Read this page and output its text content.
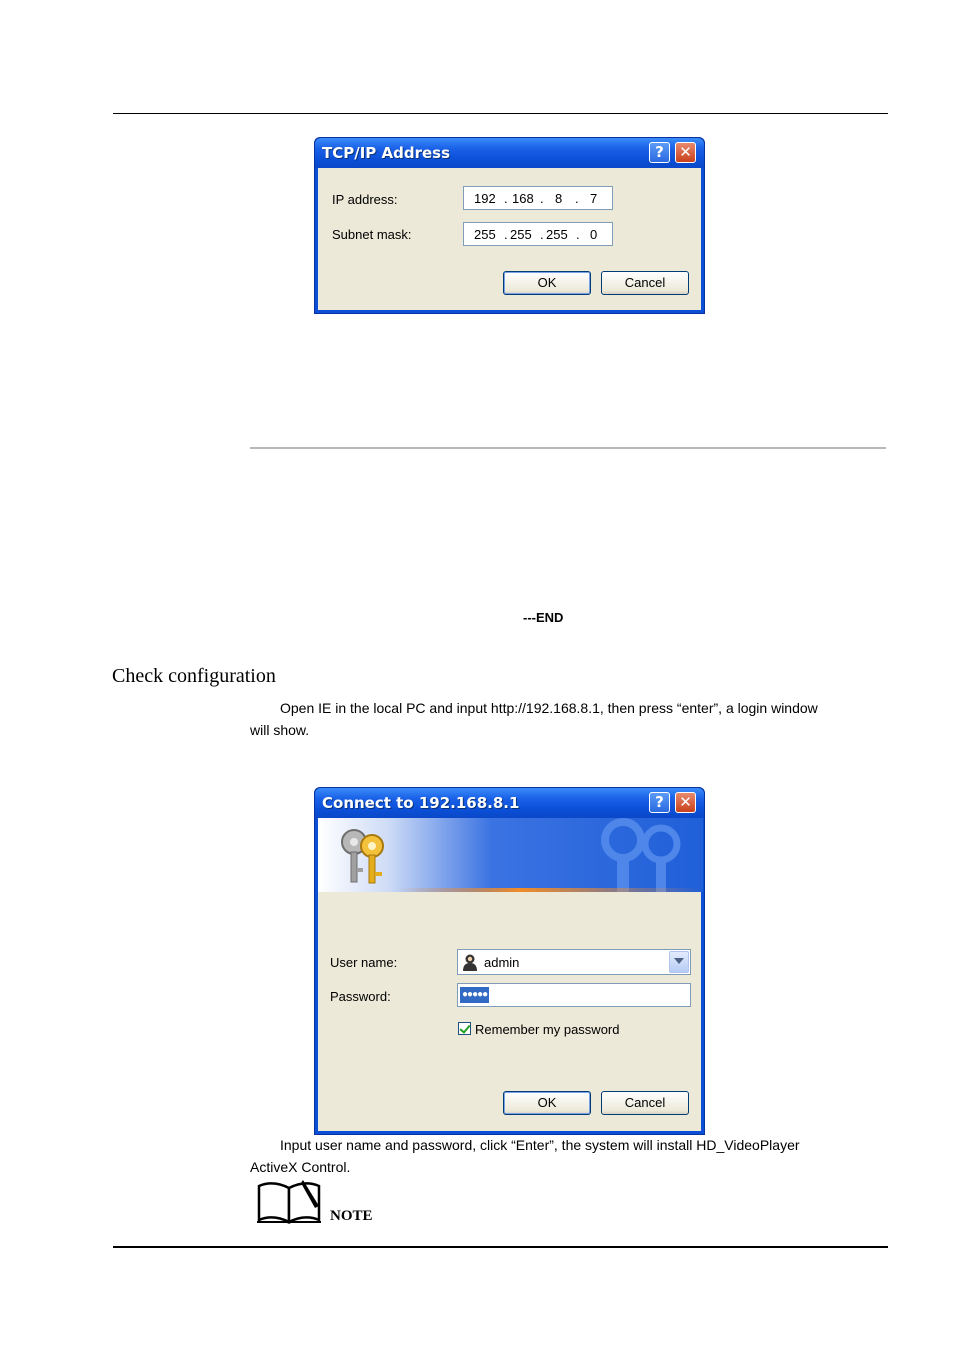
TCP/IP Address	?	✕
IP address:	192 . 168 . 8 . 7
Subnet mask:	255 . 255 . 255 . 0
OK	Cancel
---END
Check configuration
Open IE in the local PC and input http://192.168.8.1, then press “enter”, a login window
will show.
Connect to 192.168.8.1	?	✕
User name:	admin
Password:	●●●●●
Remember my password
OK	Cancel
Input user name and password, click “Enter”, the system will install HD_VideoPlayer
ActiveX Control.
NOTE
